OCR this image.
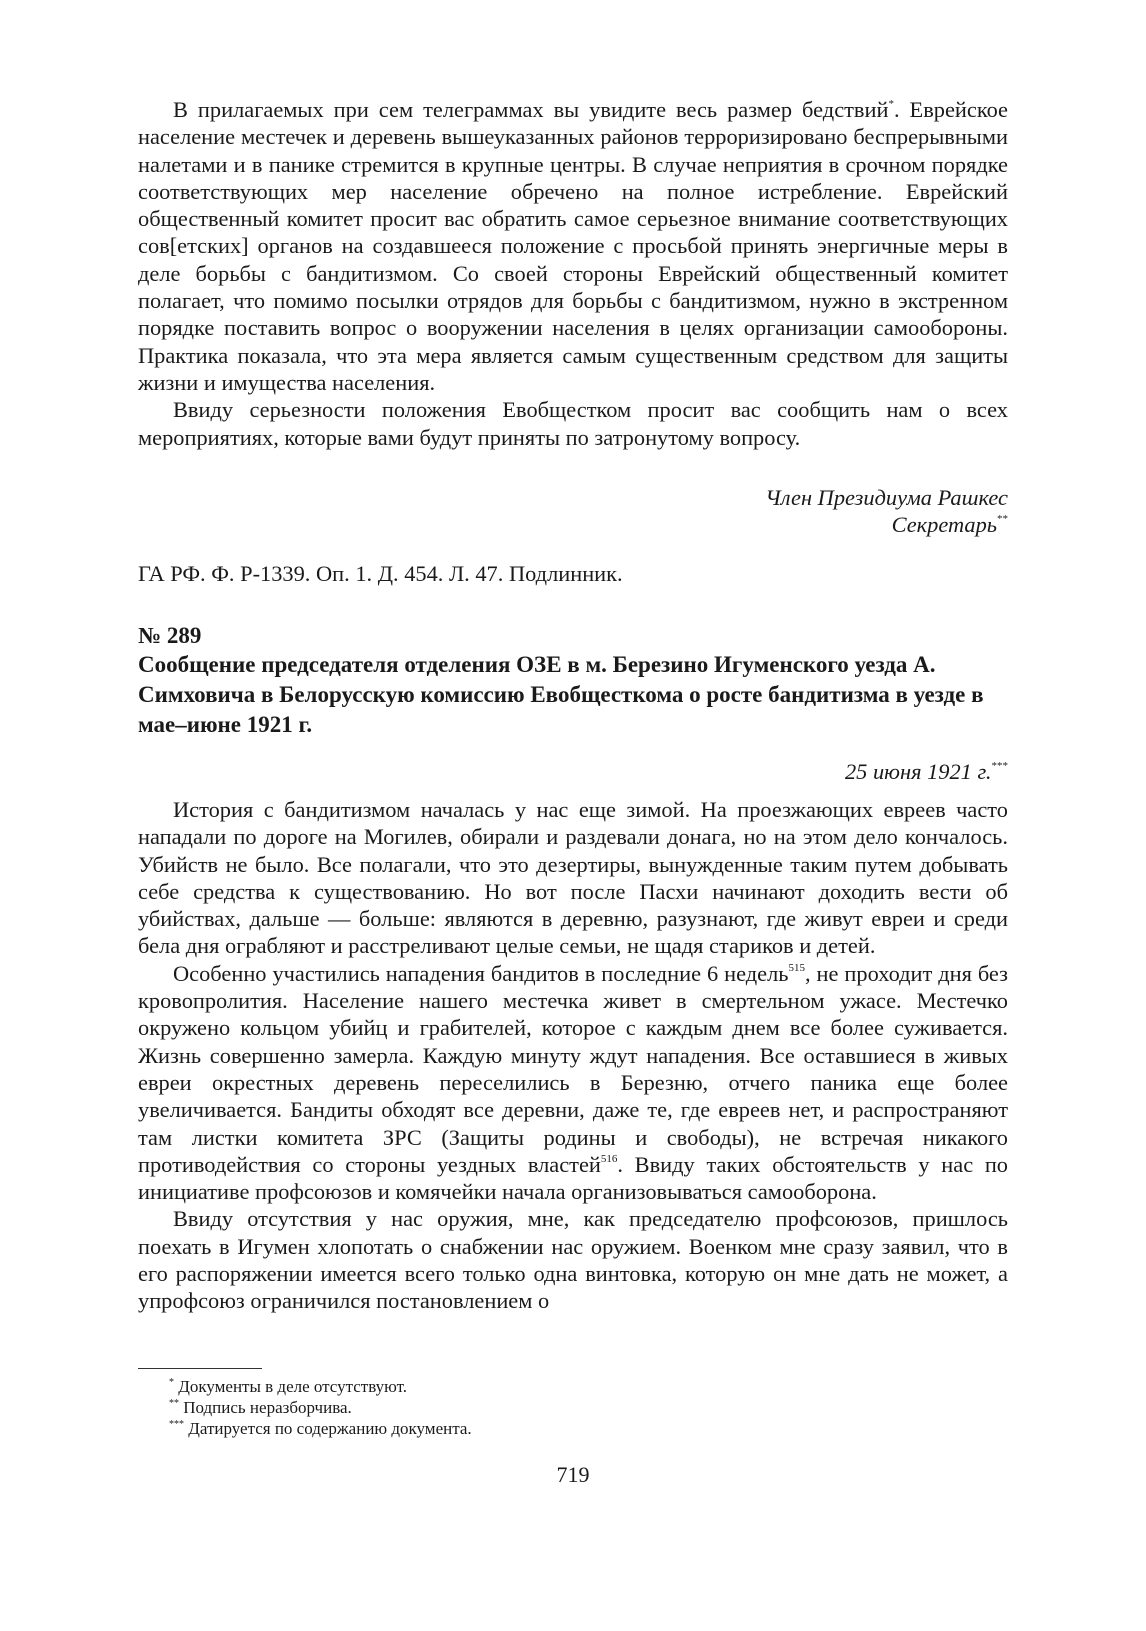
В прилагаемых при сем телеграммах вы увидите весь размер бедствий*. Еврейское население местечек и деревень вышеуказанных районов терроризировано беспрерывными налетами и в панике стремится в крупные центры. В случае неприятия в срочном порядке соответствующих мер население обречено на полное истребление. Еврейский общественный комитет просит вас обратить самое серьезное внимание соответствующих сов[етских] органов на создавшееся положение с просьбой принять энергичные меры в деле борьбы с бандитизмом. Со своей стороны Еврейский общественный комитет полагает, что помимо посылки отрядов для борьбы с бандитизмом, нужно в экстренном порядке поставить вопрос о вооружении населения в целях организации самообороны. Практика показала, что эта мера является самым существенным средством для защиты жизни и имущества населения.

Ввиду серьезности положения Евобщестком просит вас сообщить нам о всех мероприятиях, которые вами будут приняты по затронутому вопросу.

Член Президиума Рашкес

Секретарь**

ГА РФ. Ф. Р-1339. Оп. 1. Д. 454. Л. 47. Подлинник.

№ 289

Сообщение председателя отделения ОЗЕ в м. Березино Игуменского уезда А. Симховича в Белорусскую комиссию Евобщесткома о росте бандитизма в уезде в мае–июне 1921 г.

25 июня 1921 г.***

История с бандитизмом началась у нас еще зимой. На проезжающих евреев часто нападали по дороге на Могилев, обирали и раздевали донага, но на этом дело кончалось. Убийств не было. Все полагали, что это дезертиры, вынужденные таким путем добывать себе средства к существованию. Но вот после Пасхи начинают доходить вести об убийствах, дальше — больше: являются в деревню, разузнают, где живут евреи и среди бела дня ограбляют и расстреливают целые семьи, не щадя стариков и детей.

Особенно участились нападения бандитов в последние 6 недель$^{515}$, не проходит дня без кровопролития. Население нашего местечка живет в смертельном ужасе. Местечко окружено кольцом убийц и грабителей, которое с каждым днем все более суживается. Жизнь совершенно замерла. Каждую минуту ждут нападения. Все оставшиеся в живых евреи окрестных деревень переселились в Березню, отчего паника еще более увеличивается. Бандиты обходят все деревни, даже те, где евреев нет, и распространяют там листки комитета ЗРС (Защиты родины и свободы), не встречая никакого противодействия со стороны уездных властей$^{516}$. Ввиду таких обстоятельств у нас по инициативе профсоюзов и комячейки начала организовываться самооборона.

Ввиду отсутствия у нас оружия, мне, как председателю профсоюзов, пришлось поехать в Игумен хлопотать о снабжении нас оружием. Военком мне сразу заявил, что в его распоряжении имеется всего только одна винтовка, которую он мне дать не может, а упрофсоюз ограничился постановлением о

* Документы в деле отсутствуют.

** Подпись неразборчива.

*** Датируется по содержанию документа.

719
